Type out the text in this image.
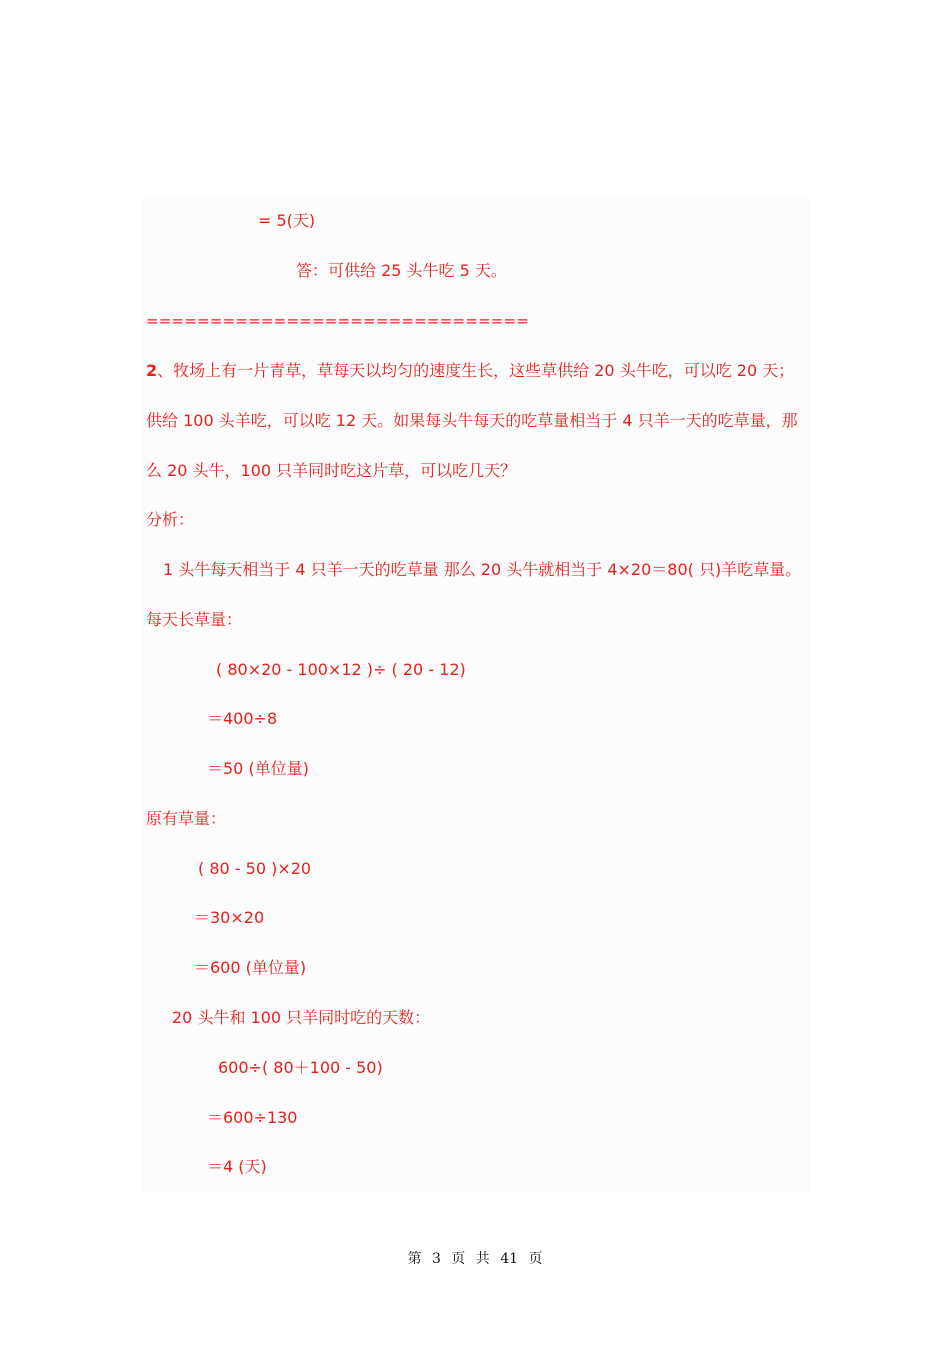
= 5(天)
答：可供给 25 头牛吃 5 天。
==============================
2、牧场上有一片青草，草每天以均匀的速度生长，这些草供给 20 头牛吃，可以吃 20 天；
供给 100 头羊吃，可以吃 12 天。如果每头牛每天的吃草量相当于 4 只羊一天的吃草量，那
么 20 头牛，100 只羊同时吃这片草，可以吃几天？
分析：
1 头牛每天相当于 4 只羊一天的吃草量 那么 20 头牛就相当于 4×20＝80( 只)羊吃草量。
每天长草量：
( 80×20 - 100×12 )÷ ( 20 - 12)
＝400÷8
＝50 (单位量)
原有草量：
( 80 - 50 )×20
＝30×20
＝600 (单位量)
20 头牛和 100 只羊同时吃的天数：
600÷( 80＋100 - 50)
＝600÷130
＝4 (天)
第 3 页 共 41 页
